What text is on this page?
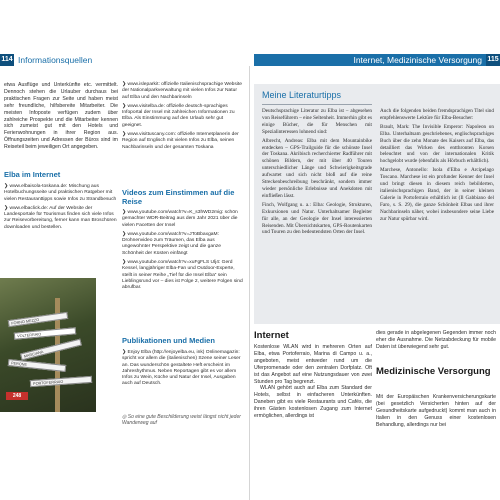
114 Informationsquellen	Internet, Medizinische Versorgung 115
etwa Ausflüge und Unterkünfte etc. vermittelt. Dennoch stehen die Urlauber durchaus bei praktischen Fragen zur Seite und haben meist sehr freundliche, hilfsbereite Mitarbeiter. Die meisten Infoposte verfügen zudem über zahlreiche Prospekte und die Mitarbeiter kennen sich zumeist gut mit den Hotels und Ferienwohnungen in ihrer Region aus. Öffnungszeiten und Adressen der Büros sind im Reiseteil beim jeweiligen Ort angegeben.
Elba im Internet
❯ www.elbaisola-toskana.de: Mischung aus Hotelbuchungsseite und praktischen Ratgeber mit vielen Restauranttipps sowie Infos zu Strandbesuch
❯ www.elbaclick.de: Auf der Website der Landesportale für Tourismus finden sich viele Infos zur Reisevorbereitung, ferner kann man Broschüren downloaden und bestellen.
FORNO MEZZO
VOLTERRAIO
MARCIANA
PERONE
PORTOFERRAIO
248
❯ www.isleparkit: offizielle Italienischsprachige Website der Nationalparkverwaltung mit vielen Infos zur Natur auf Elba und den Nachbarinseln
❯ www.visitelba.de: offizielle deutsch-sprachiges Infoportal der Insel mit zahlreichen Informationen zu Elba. Als Einstimmung auf den Urlaub sehr gut geeignet.
❯ www.visittuscany.com: offizielle Internetplanerin der Region auf Englisch mit vielen Infos zu Elba, seinen Nachbarinseln und der gesamten Toskana
Videos zum Einstimmen auf die Reise
❯ www.youtube.com/watch?v=K_s3hWD2mig: schön gemachter WDR-Beitrag aus dem Jahr 2021 über die vielen Facetten der Insel
❯ www.youtube.com/watch?v=JToBbaxgaM: Drohnenvideo zum Träumen, das Elba aus ungewohnter Perspektive zeigt und die ganze Schönheit der Küsten einfängt
❯ www.youtube.com/watch?v=xuFgFLS Ulj4: Gerd Kessel, langjähriger Elba-Fan und Outdoor-Experte, stellt in seiner Reihe „Tief für die Insel Elba“ sein Lieblingsrund vor – dies ist Folge 2, weitere Folgen sind abrufbar.
Publikationen und Medien
❯ Enjoy Elba (http://enjoyelba.eu, ink) Onlinemagazin: spricht vor allem die (italienischen) Szene seiner Leser an. Das wunderschön gestaltete Heft erscheint im Jahreshythmus. Neben Reportagen gibt es vor allem Infos zu Wein, Küche und Natur der Insel, Ausgaben auch auf Deutsch.
◎ So eine gute Beschilderung weist längst nicht jeder Wanderweg auf
Meine Literaturtipps
Deutschsprachige Literatur zu Elba ist – abgesehen von Reiseführern – eine Seltenheit. Immerhin gibt es einige Bücher, die für Menschen mit Spezialinteressen lohnend sind:
Albrecht, Andreas: Elba mit dem Mountainbike entdecken – GPS-Trailguide für die schönste Insel der Toskana. Akribisch recherchierter Radführer mit schönen Bildern, der mit über 40 Touren unterschiedlicher Länge und Schwierigkeitsgrade aufwartet und sich nicht bloß auf die reine Streckenbeschreibung beschränkt, sondern immer wieder persönliche Erlebnisse und Anekdoten mit einfließen lässt.
Finch, Wolfgang u. a.: Elba: Geologie, Strukturen, Exkursionen und Natur. Unterhaltsamer Begleiter für alle, an der Geologie der Insel interessierten Reisenden. Mit Übersichtskarten, GPS-Routenkarten und Touren zu den bedeutendsten Orten der Insel.
Auch die folgenden beiden fremdsprachigen Titel sind empfehlenswerte Lektüre für Elba-Besucher:
Brault, Mark: The Invisible Emperor: Napoleon on Elba. Unterhaltsam geschriebenes, englischsprachiges Buch über die zehn Monate des Kaisers auf Elba, das detailliert das Wirken des entthronten Korsen beleuchtet und von der internationalen Kritik hochgelobt wurde (ebenfalls als Hörbuch erhältlich).
Marchese, Antonello: Isola d'Elba e Arcipelago Toscano. Marchese ist ein profunder Kenner der Insel und bringt diesen in diesem reich bebilderten, italienischsprachigen Band, der in seiner kleinen Galerie in Portoferraio erhältlich ist (Il Gabbiano del Faro, s. S. 29), die ganze Schönheit Elbas und ihrer Nachbarinseln näher, wobei insbesondere seine Liebe zur Natur spürbar wird.
Internet
Kostenlose WLAN wird in mehreren Orten auf Elba, etwa Portoferraio, Marina di Campo u. a., angeboten, meist entweder rund um die Uferpromenade oder den zentralen Dorfplatz. Oft ist das Angebot auf eine Nutzungsdauer von zwei Stunden pro Tag begrenzt.
WLAN gehört auch auf Elba zum Standard der Hotels, selbst in einfacheren Unterkünften. Daneben gibt es viele Restaurants und Cafés, die ihren Gästen kostenlosen Zugang zum Internet ermöglichen, allerdings ist
dies gerade in abgelegenen Gegenden immer noch eher die Ausnahme. Die Netzabdeckung für mobile Daten ist überwiegend sehr gut.
Medizinische Versorgung
Mit der Europäischen Krankenversicherungskarte (bei gesetzlich Versicherten hinten auf der Gesundheitskarte aufgedruckt) kommt man auch in Italien in den Genuss einer kostenlosen Behandlung, allerdings nur bei
